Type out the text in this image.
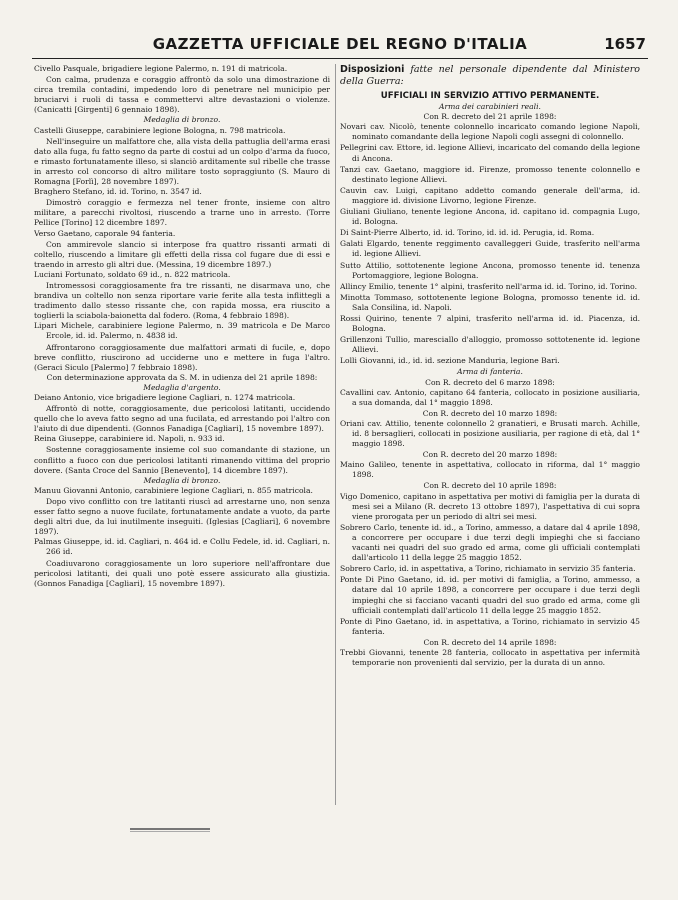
GAZZETTA UFFICIALE DEL REGNO D'ITALIA	1657

Civello Pasquale, brigadiere legione Palermo, n. 191 di matricola.

Con calma, prudenza e coraggio affrontò da solo una dimostrazione di circa tremila contadini, impedendo loro di penetrare nel municipio per bruciarvi i ruoli di tassa e commettervi altre devastazioni o violenze. (Canicatti [Girgenti] 6 gennaio 1898).

Medaglia di bronzo.

Castelli Giuseppe, carabiniere legione Bologna, n. 798 matricola.

Nell'inseguire un malfattore che, alla vista della pattuglia dell'arma erasi dato alla fuga, fu fatto segno da parte di costui ad un colpo d'arma da fuoco, e rimasto fortunatamente illeso, si slanciò arditamente sul ribelle che trasse in arresto col concorso di altro militare tosto sopraggiunto (S. Mauro di Romagna [Forlì], 28 novembre 1897).

Braghero Stefano, id. id. Torino, n. 3547 id.

Dimostrò coraggio e fermezza nel tener fronte, insieme con altro militare, a parecchi rivoltosi, riuscendo a trarne uno in arresto. (Torre Pellice [Torino] 12 dicembre 1897.

Verso Gaetano, caporale 94 fanteria.

Con ammirevole slancio si interpose fra quattro rissanti armati di coltello, riuscendo a limitare gli effetti della rissa col fugare due di essi e traendo in arresto gli altri due. (Messina, 19 dicembre 1897.)

Luciani Fortunato, soldato 69 id., n. 822 matricola.

Intromessosi coraggiosamente fra tre rissanti, ne disarmava uno, che brandiva un coltello non senza riportare varie ferite alla testa inflittegli a tradimento dallo stesso rissante che, con rapida mossa, era riuscito a toglierli la sciabola-baionetta dal fodero. (Roma, 4 febbraio 1898).

Lipari Michele, carabiniere legione Palermo, n. 39 matricola e De Marco Ercole, id. id. Palermo, n. 4838 id.

Affrontarono coraggiosamente due malfattori armati di fucile, e, dopo breve conflitto, riuscirono ad ucciderne uno e mettere in fuga l'altro. (Geraci Siculo [Palermo] 7 febbraio 1898).

Con determinazione approvata da S. M. in udienza del 21 aprile 1898:

Medaglia d'argento.

Deiano Antonio, vice brigadiere legione Cagliari, n. 1274 matricola.

Affrontò di notte, coraggiosamente, due pericolosi latitanti, uccidendo quello che lo aveva fatto segno ad una fucilata, ed arrestando poi l'altro con l'aiuto di due dipendenti. (Gonnos Fanadiga [Cagliari], 15 novembre 1897).

Reina Giuseppe, carabiniere id. Napoli, n. 933 id.

Sostenne coraggiosamente insieme col suo comandante di stazione, un conflitto a fuoco con due pericolosi latitanti rimanendo vittima del proprio dovere. (Santa Croce del Sannio [Benevento], 14 dicembre 1897).

Medaglia di bronzo.

Manuu Giovanni Antonio, carabiniere legione Cagliari, n. 855 matricola.

Dopo vivo conflitto con tre latitanti riuscì ad arrestarne uno, non senza esser fatto segno a nuove fucilate, fortunatamente andate a vuoto, da parte degli altri due, da lui inutilmente inseguiti. (Iglesias [Cagliari], 6 novembre 1897).

Palmas Giuseppe, id. id. Cagliari, n. 464 id. e Collu Fedele, id. id. Cagliari, n. 266 id.

Coadiuvarono coraggiosamente un loro superiore nell'affrontare due pericolosi latitanti, dei quali uno potè essere assicurato alla giustizia. (Gonnos Fanadiga [Cagliari], 15 novembre 1897).

Disposizioni fatte nel personale dipendente dal Ministero della Guerra:

UFFICIALI IN SERVIZIO ATTIVO PERMANENTE.

Arma dei carabinieri reali.

Con R. decreto del 21 aprile 1898:

Novari cav. Nicolò, tenente colonnello incaricato comando legione Napoli, nominato comandante della legione Napoli cogli assegni di colonnello.

Pellegrini cav. Ettore, id. legione Allievi, incaricato del comando della legione di Ancona.

Tanzi cav. Gaetano, maggiore id. Firenze, promosso tenente colonnello e destinato legione Allievi.

Cauvin cav. Luigi, capitano addetto comando generale dell'arma, id. maggiore id. divisione Livorno, legione Firenze.

Giuliani Giuliano, tenente legione Ancona, id. capitano id. compagnia Lugo, id. Bologna.

Di Saint-Pierre Alberto, id. id. Torino, id. id. id. Perugia, id. Roma.

Galati Elgardo, tenente reggimento cavalleggeri Guide, trasferito nell'arma id. legione Allievi.

Sutto Attilio, sottotenente legione Ancona, promosso tenente id. tenenza Portomaggiore, legione Bologna.

Allincy Emilio, tenente 1° alpini, trasferito nell'arma id. id. Torino, id. Torino.

Minotta Tommaso, sottotenente legione Bologna, promosso tenente id. id. Sala Consilina, id. Napoli.

Rossi Quirino, tenente 7 alpini, trasferito nell'arma id. id. Piacenza, id. Bologna.

Grillenzoni Tullio, maresciallo d'alloggio, promosso sottotenente id. legione Allievi.

Lolli Giovanni, id., id. id. sezione Manduria, legione Bari.

Arma di fanteria.

Con R. decreto del 6 marzo 1898:

Cavallini cav. Antonio, capitano 64 fanteria, collocato in posizione ausiliaria, a sua domanda, dal 1° maggio 1898.

Con R. decreto del 10 marzo 1898:

Oriani cav. Attilio, tenente colonnello 2 granatieri, e Brusati march. Achille, id. 8 bersaglieri, collocati in posizione ausiliaria, per ragione di età, dal 1° maggio 1898.

Con R. decreto del 20 marzo 1898:

Maino Galileo, tenente in aspettativa, collocato in riforma, dal 1° maggio 1898.

Con R. decreto del 10 aprile 1898:

Vigo Domenico, capitano in aspettativa per motivi di famiglia per la durata di mesi sei a Milano (R. decreto 13 ottobre 1897), l'aspettativa di cui sopra viene prorogata per un periodo di altri sei mesi.

Sobrero Carlo, tenente id. id., a Torino, ammesso, a datare dal 4 aprile 1898, a concorrere per occupare i due terzi degli impieghi che si facciano vacanti nei quadri del suo grado ed arma, come gli ufficiali contemplati dall'articolo 11 della legge 25 maggio 1852.

Sobrero Carlo, id. in aspettativa, a Torino, richiamato in servizio 35 fanteria.

Ponte Di Pino Gaetano, id. id. per motivi di famiglia, a Torino, ammesso, a datare dal 10 aprile 1898, a concorrere per occupare i due terzi degli impieghi che si facciano vacanti quadri del suo grado ed arma, come gli ufficiali contemplati dall'articolo 11 della legge 25 maggio 1852.

Ponte di Pino Gaetano, id. in aspettativa, a Torino, richiamato in servizio 45 fanteria.

Con R. decreto del 14 aprile 1898:

Trebbi Giovanni, tenente 28 fanteria, collocato in aspettativa per infermità temporarie non provenienti dal servizio, per la durata di un anno.
